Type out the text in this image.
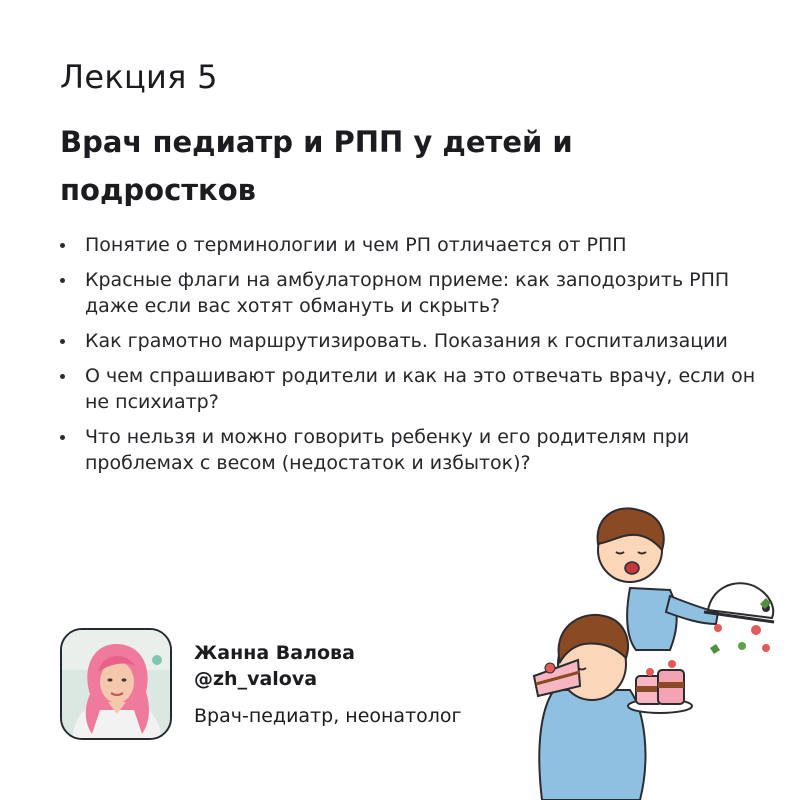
Лекция 5
Врач педиатр и РПП у детей и подростков
Понятие о терминологии и чем РП отличается от РПП
Красные флаги на амбулаторном приеме: как заподозрить РПП даже если вас хотят обмануть и скрыть?
Как грамотно маршрутизировать. Показания к госпитализации
О чем спрашивают родители и как на это отвечать врачу, если он не психиатр?
Что нельзя и можно говорить ребенку и его родителям при проблемах с весом (недостаток и избыток)?
Жанна Валова
@zh_valova
Врач-педиатр, неонатолог
